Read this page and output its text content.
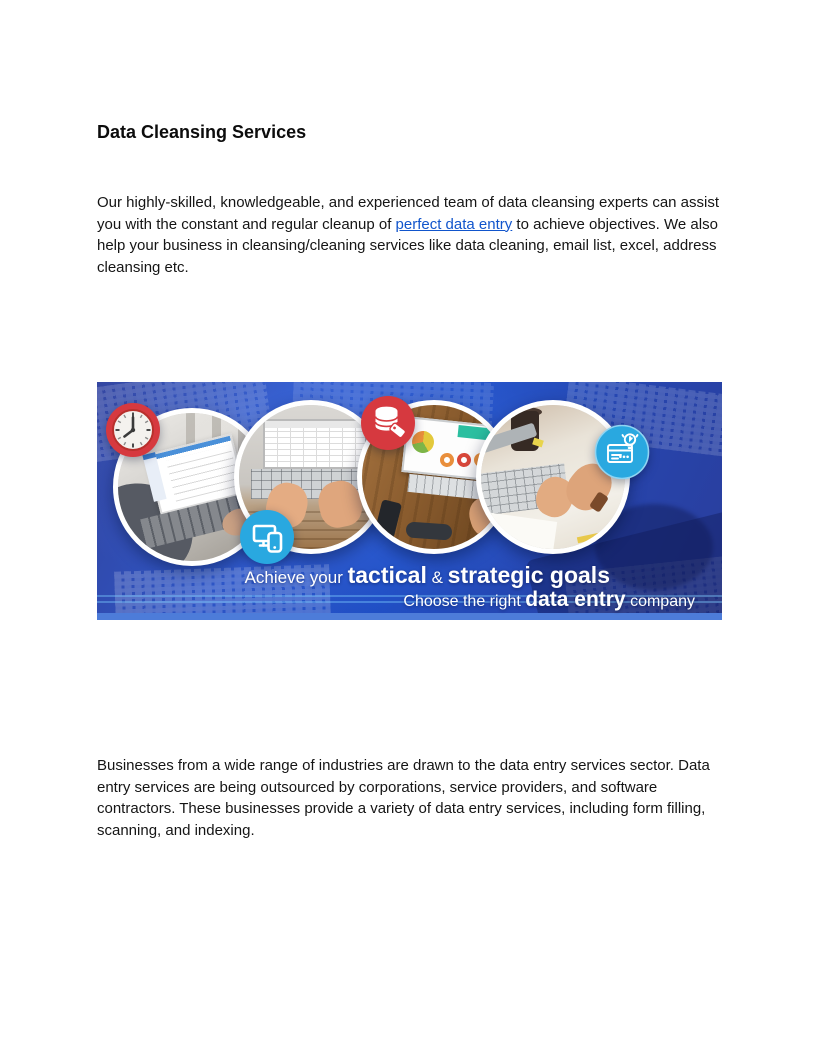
Data Cleansing Services

Our highly-skilled, knowledgeable, and experienced team of data cleansing experts can assist you with the constant and regular cleanup of perfect data entry to achieve objectives. We also help your business in cleansing/cleaning services like data cleaning, email list, excel, address cleansing etc.

Achieve your tactical & strategic goals
Choose the right data entry company

Businesses from a wide range of industries are drawn to the data entry services sector. Data entry services are being outsourced by corporations, service providers, and software contractors. These businesses provide a variety of data entry services, including form filling, scanning, and indexing.
